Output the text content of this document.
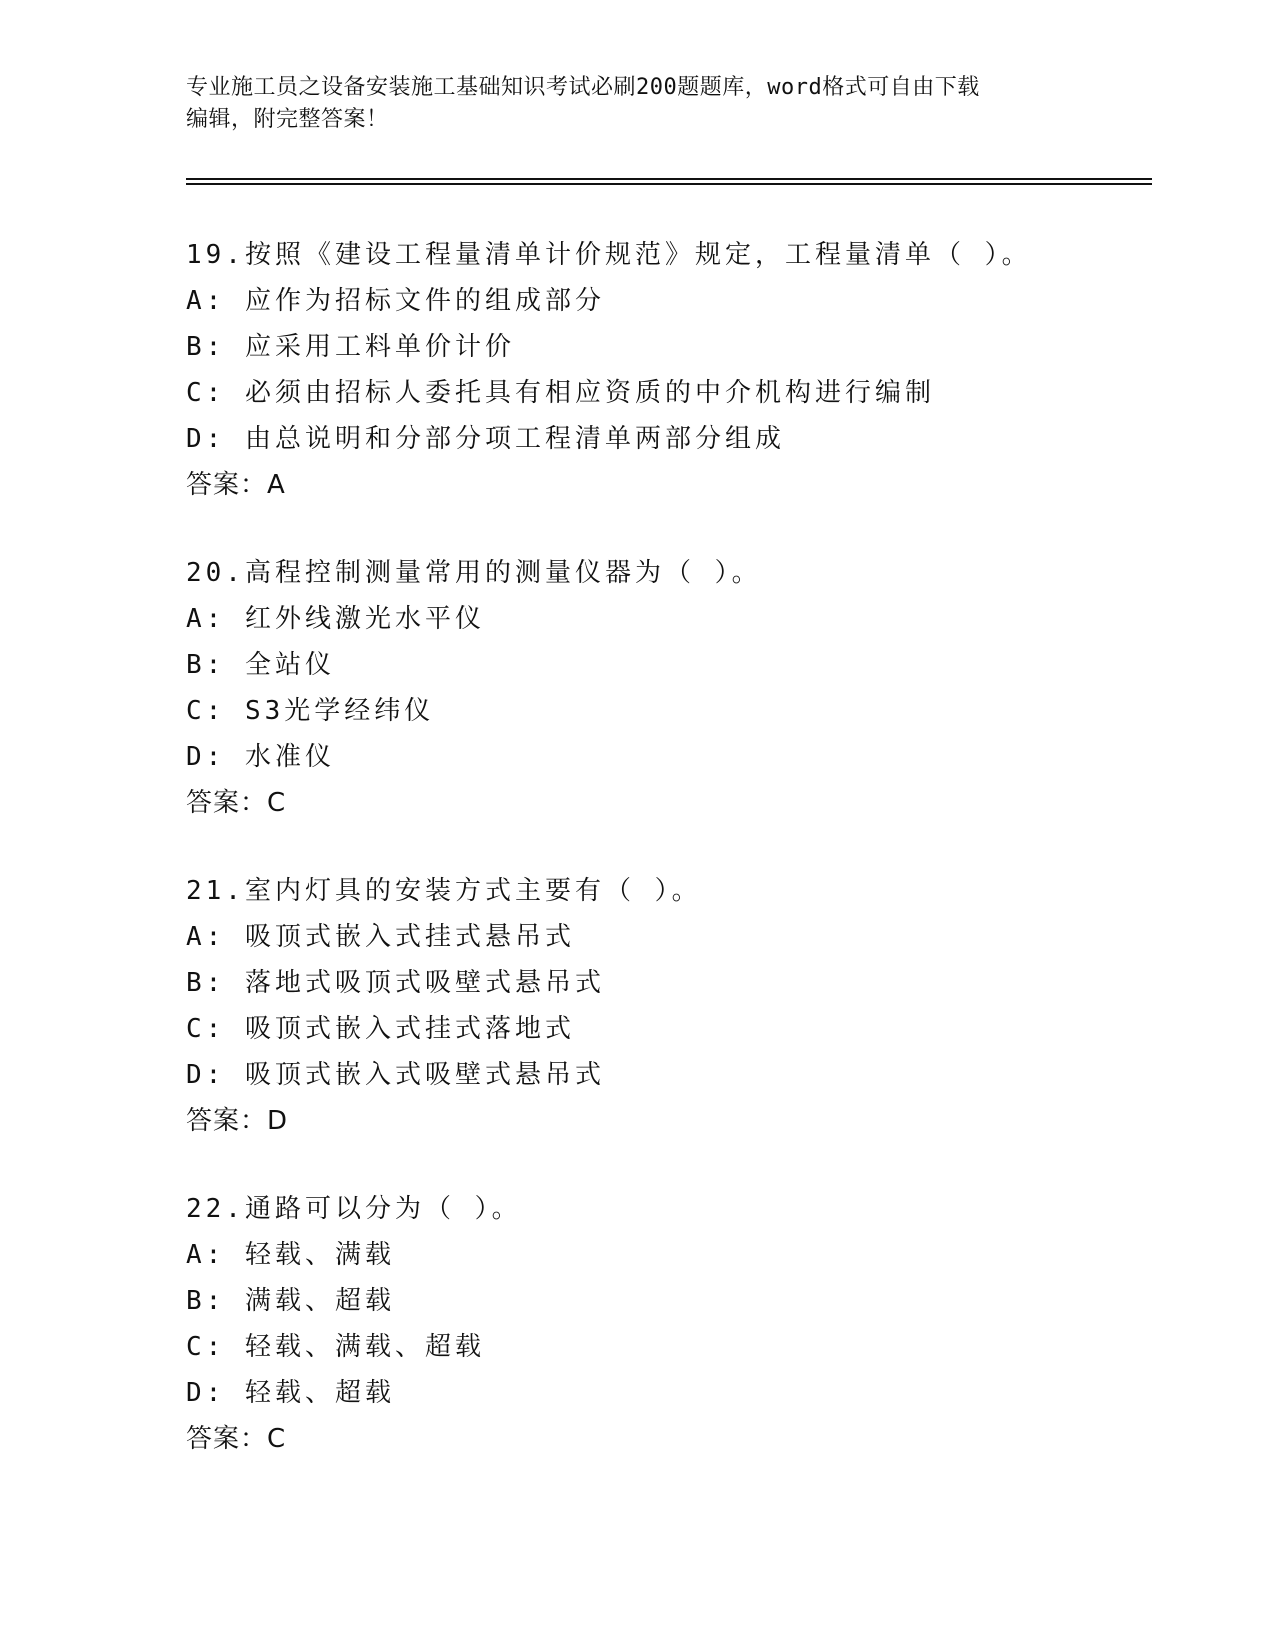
专业施工员之设备安装施工基础知识考试必刷200题题库，word格式可自由下载
编辑，附完整答案！
19.按照《建设工程量清单计价规范》规定，工程量清单（ ）。
A: 应作为招标文件的组成部分
B: 应采用工料单价计价
C: 必须由招标人委托具有相应资质的中介机构进行编制
D: 由总说明和分部分项工程清单两部分组成
答案：A
20.高程控制测量常用的测量仪器为（ ）。
A: 红外线激光水平仪
B: 全站仪
C: S3光学经纬仪
D: 水准仪
答案：C
21.室内灯具的安装方式主要有（ ）。
A: 吸顶式嵌入式挂式悬吊式
B: 落地式吸顶式吸壁式悬吊式
C: 吸顶式嵌入式挂式落地式
D: 吸顶式嵌入式吸壁式悬吊式
答案：D
22.通路可以分为（ ）。
A: 轻载、满载
B: 满载、超载
C: 轻载、满载、超载
D: 轻载、超载
答案：C
